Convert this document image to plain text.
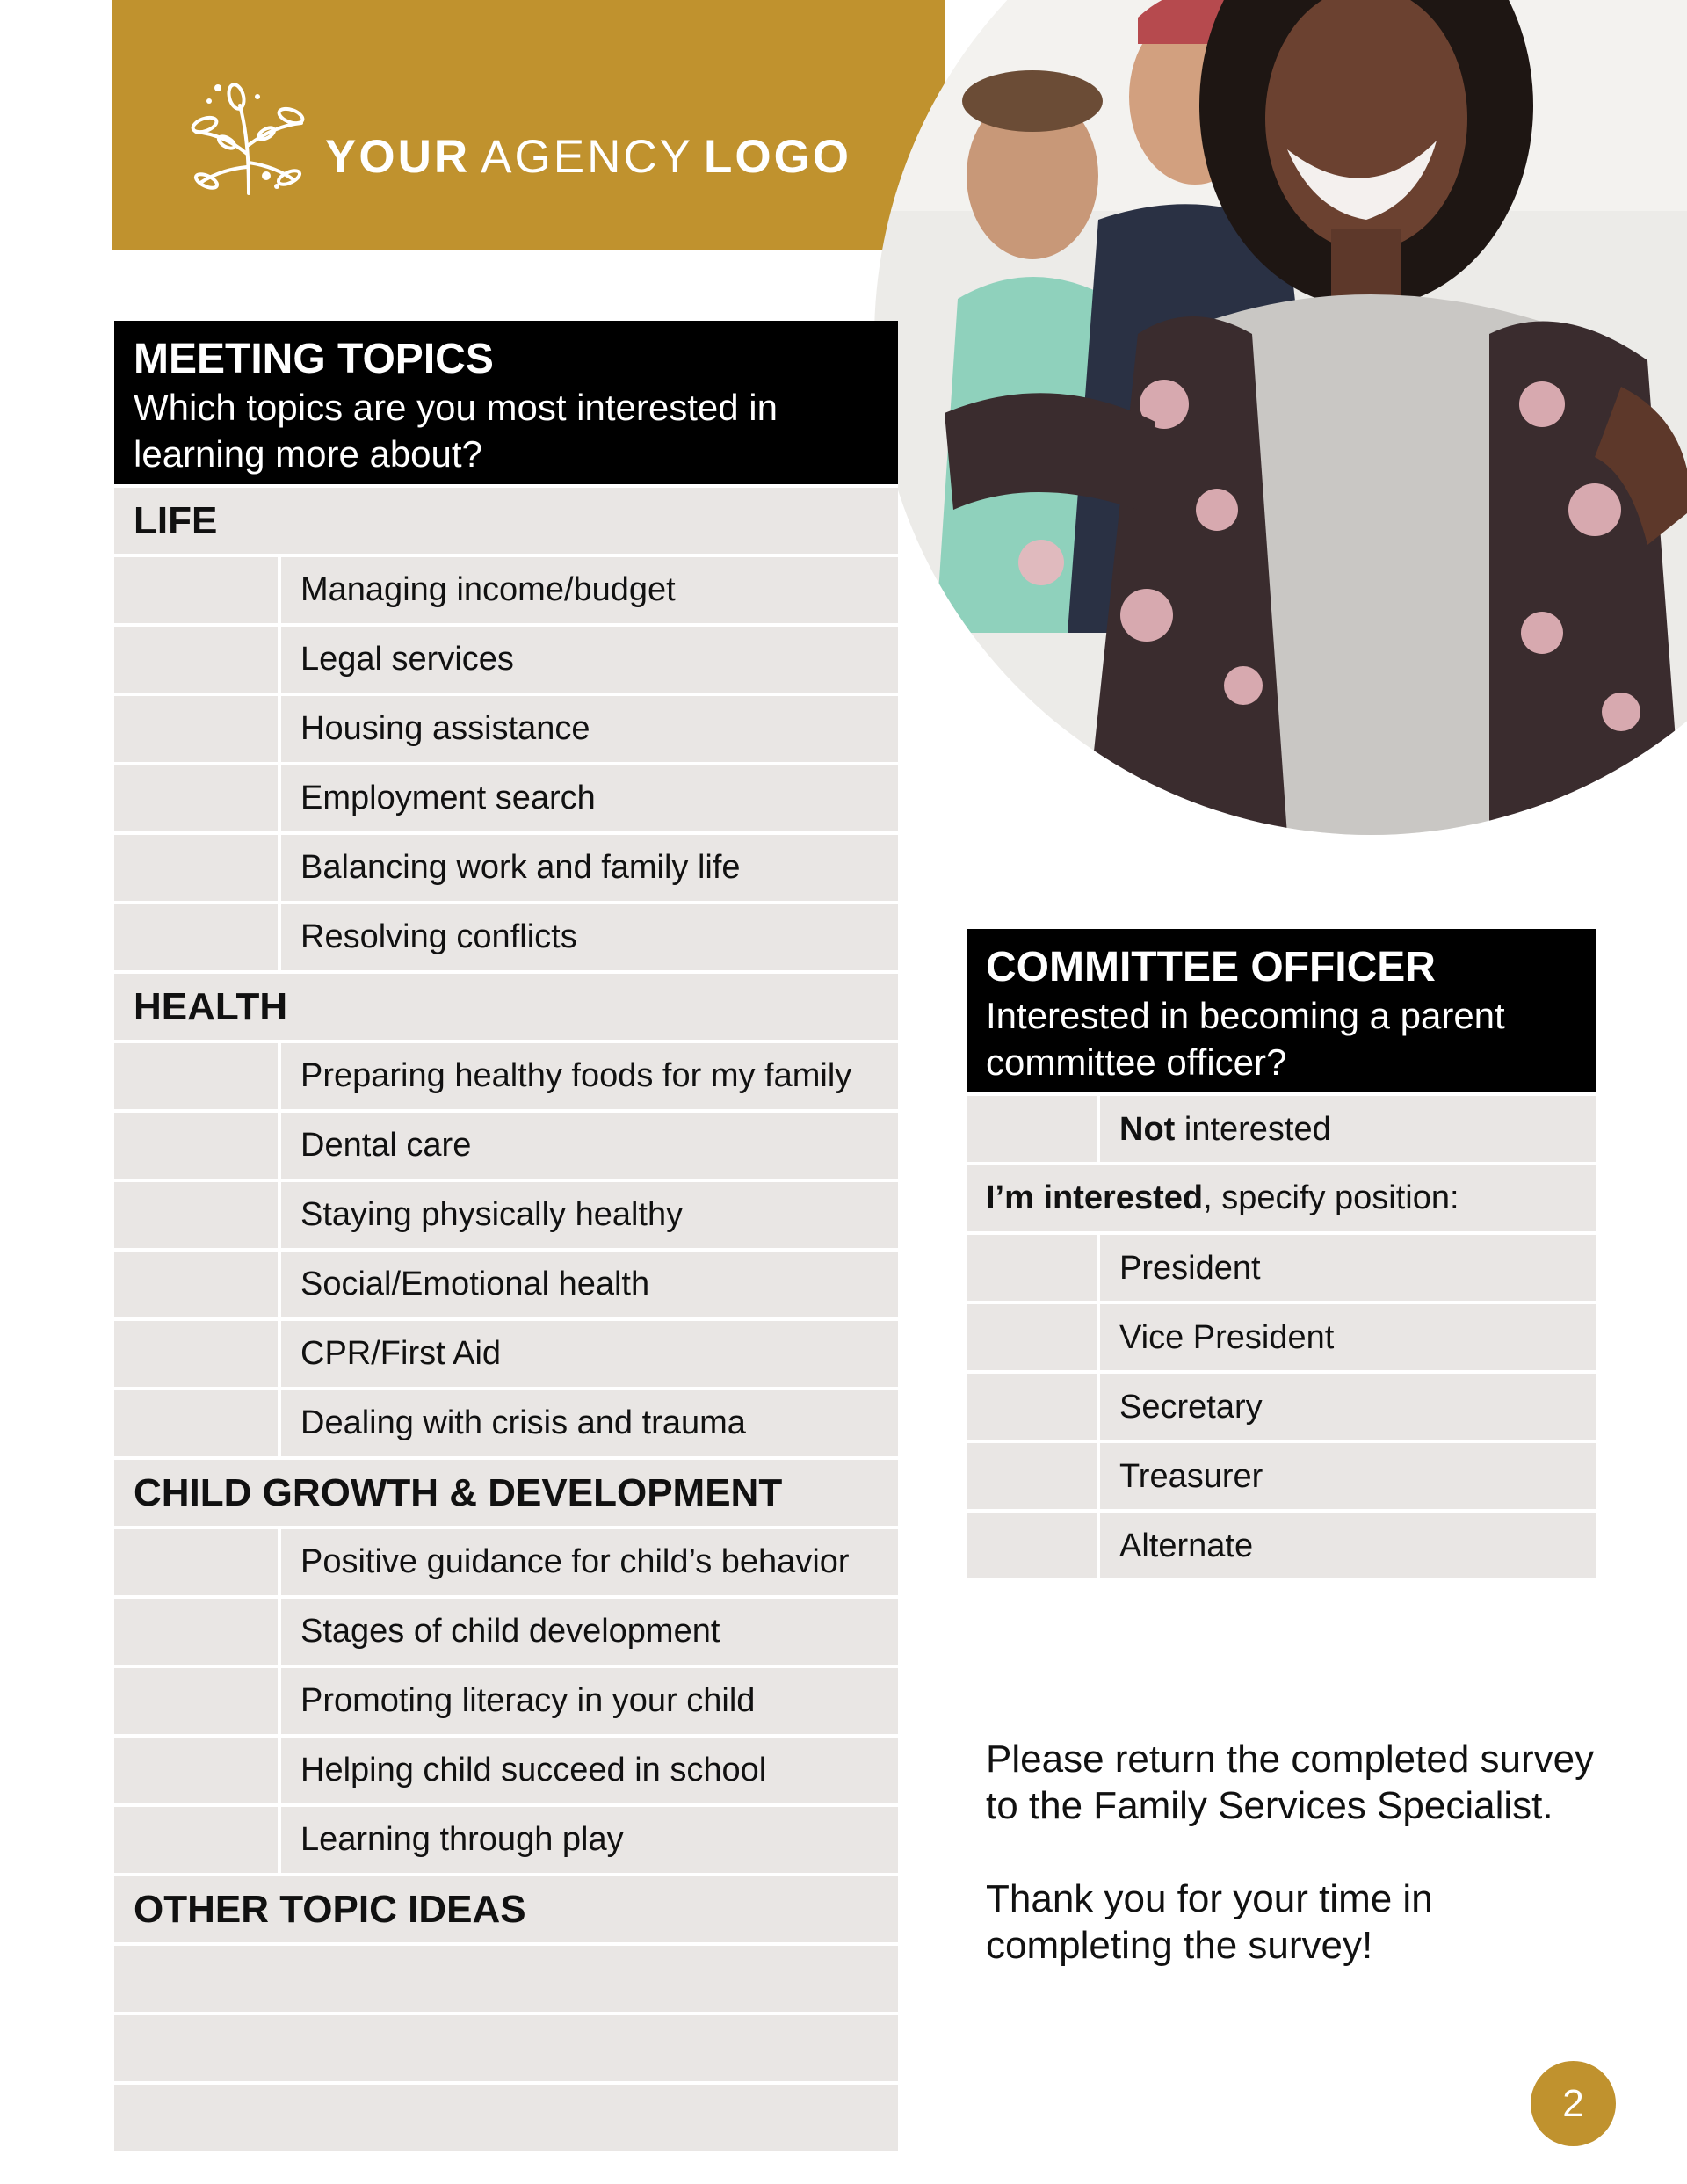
YOUR AGENCY LOGO
MEETING TOPICS
Which topics are you most interested in
learning more about?
LIFE
Managing income/budget
Legal services
Housing assistance
Employment search
Balancing work and family life
Resolving conflicts
HEALTH
Preparing healthy foods for my family
Dental care
Staying physically healthy
Social/Emotional health
CPR/First Aid
Dealing with crisis and trauma
CHILD GROWTH & DEVELOPMENT
Positive guidance for child’s behavior
Stages of child development
Promoting literacy in your child
Helping child succeed in school
Learning through play
OTHER TOPIC IDEAS
COMMITTEE OFFICER
Interested in becoming a parent
committee officer?
Not interested
I’m interested , specify position:
President
Vice President
Secretary
Treasurer
Alternate

Please return the completed survey
to the Family Services Specialist.

Thank you for your time in
completing the survey!

2
